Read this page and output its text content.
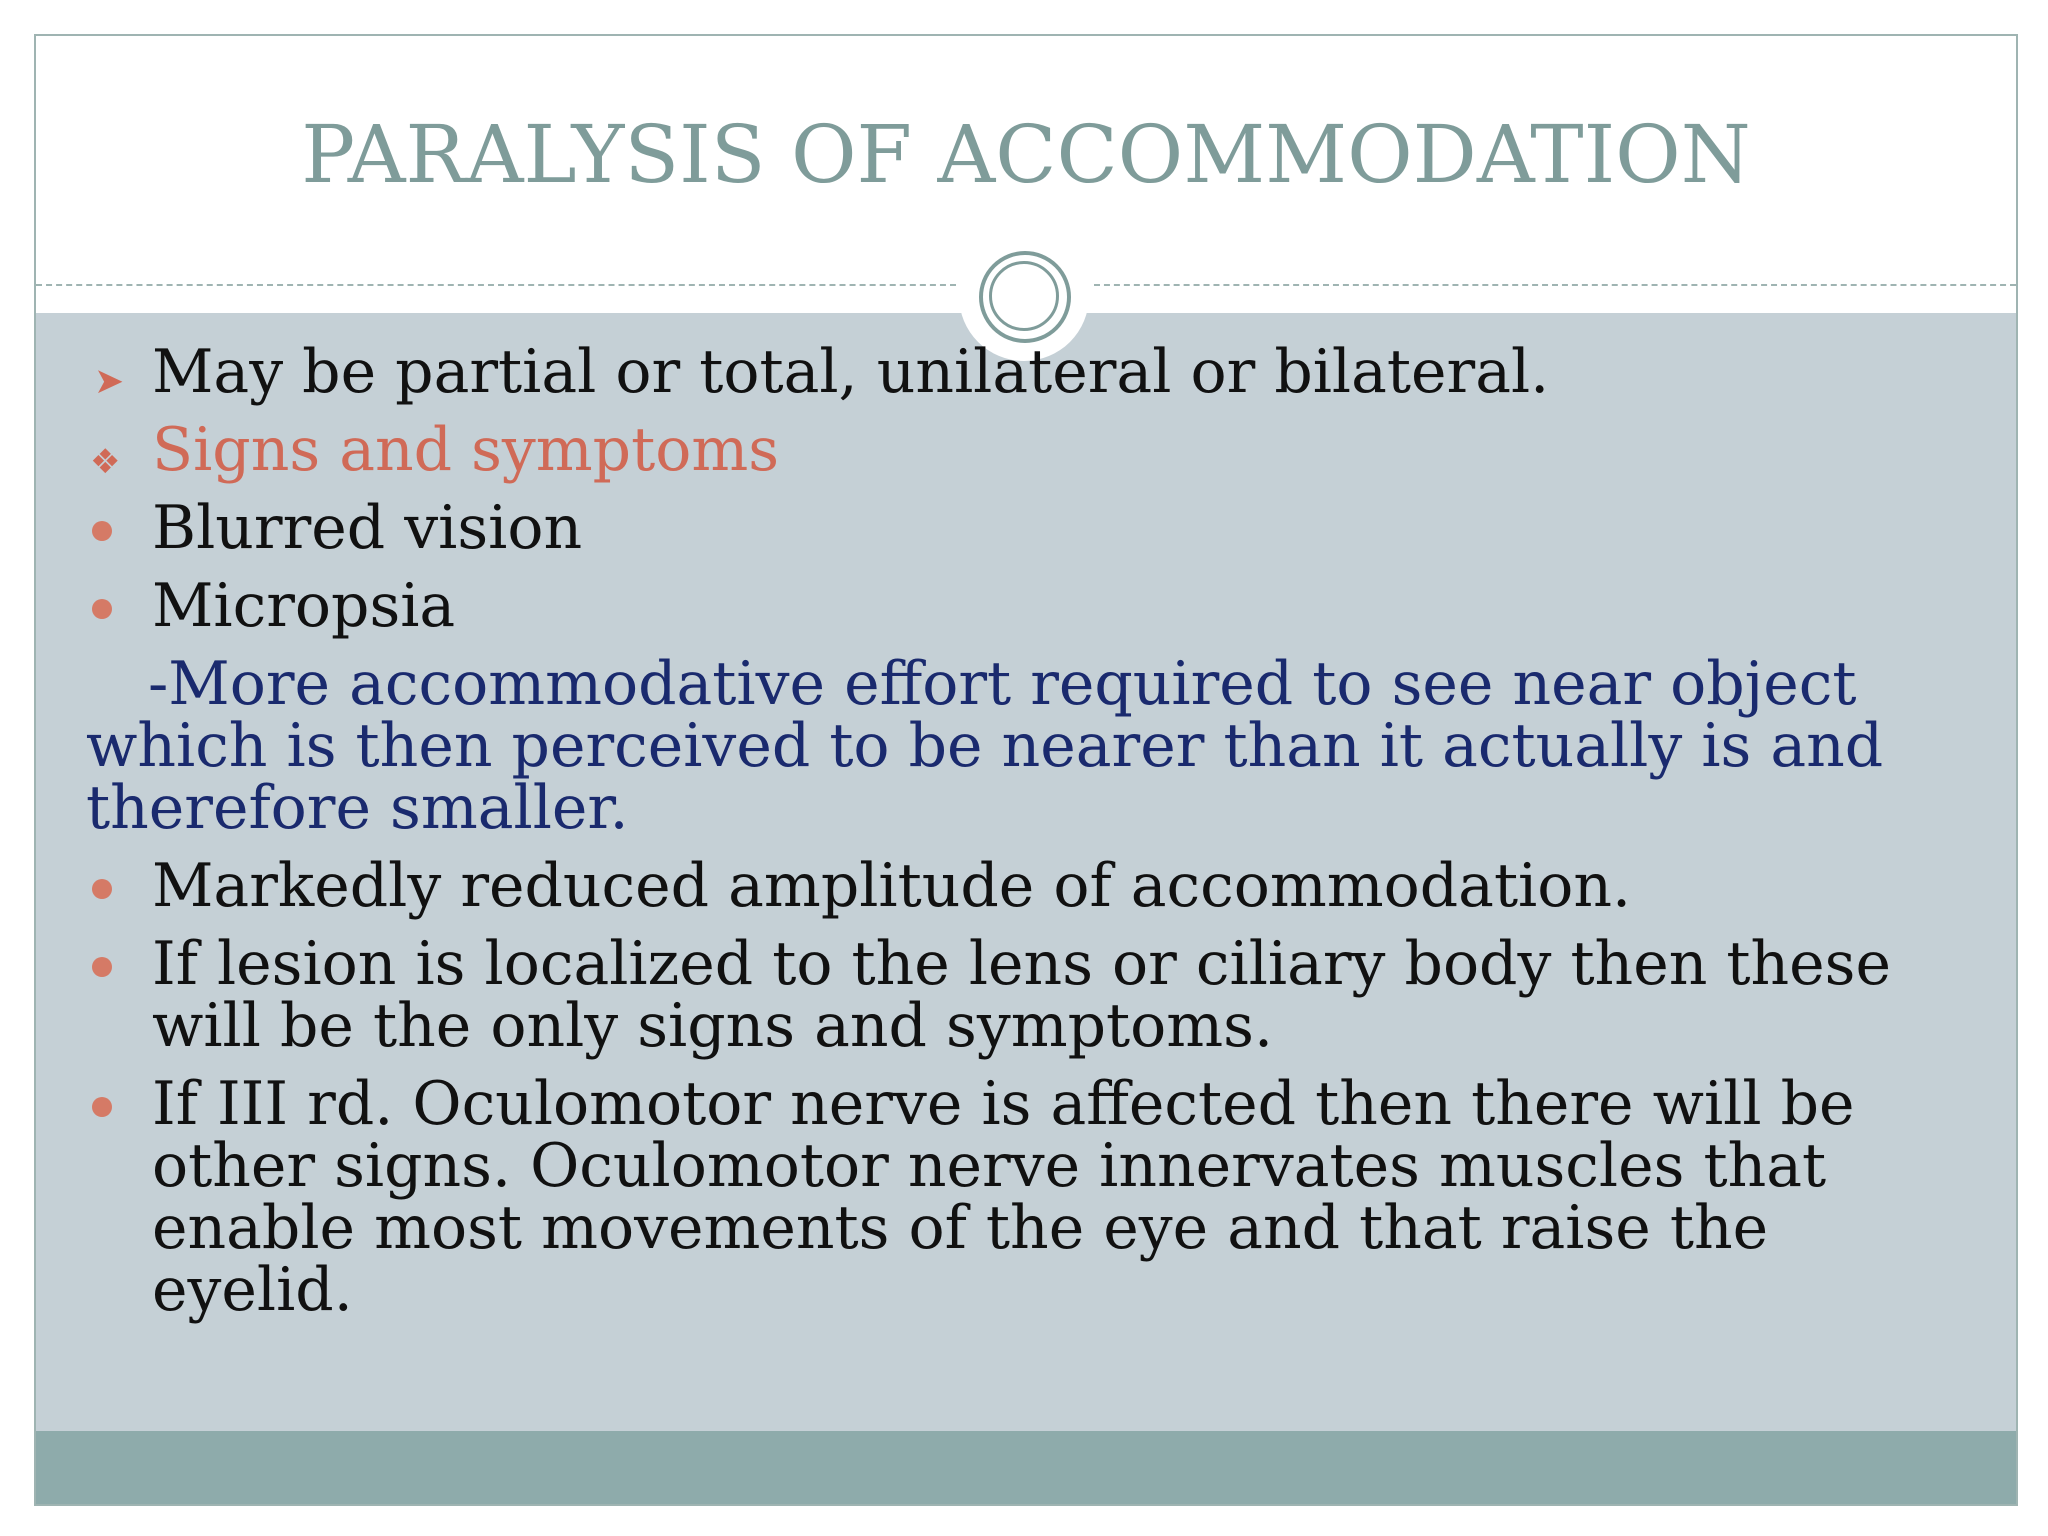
PARALYSIS OF ACCOMMODATION
➤ May be partial or total, unilateral or bilateral.
❖ Signs and symptoms
Blurred vision
Micropsia
-More accommodative effort required to see near object which is then perceived to be nearer than it actually is and therefore smaller.
Markedly reduced amplitude of accommodation.
If lesion is localized to the lens or ciliary body then these will be the only signs and symptoms.
If III rd. Oculomotor nerve is affected then there will be other signs. Oculomotor nerve innervates muscles that enable most movements of the eye and that raise the eyelid.
